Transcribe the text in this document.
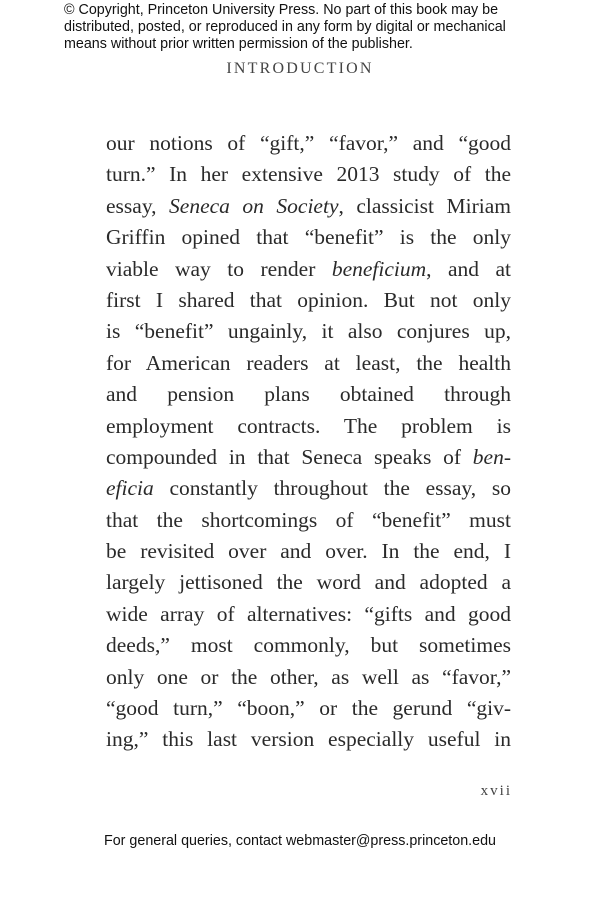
© Copyright, Princeton University Press. No part of this book may be
distributed, posted, or reproduced in any form by digital or mechanical
means without prior written permission of the publisher.
INTRODUCTION
our notions of “gift,” “favor,” and “good
turn.” In her extensive 2013 study of the
essay, Seneca on Society, classicist Miriam
Griffin opined that “benefit” is the only
viable way to render beneficium, and at
first I shared that opinion. But not only
is “benefit” ungainly, it also conjures up,
for American readers at least, the health
and pension plans obtained through
employment contracts. The problem is
compounded in that Seneca speaks of ben-
eficia constantly throughout the essay, so
that the shortcomings of “benefit” must
be revisited over and over. In the end, I
largely jettisoned the word and adopted a
wide array of alternatives: “gifts and good
deeds,” most commonly, but sometimes
only one or the other, as well as “favor,”
“good turn,” “boon,” or the gerund “giv-
ing,” this last version especially useful in
xvii
For general queries, contact webmaster@press.princeton.edu
